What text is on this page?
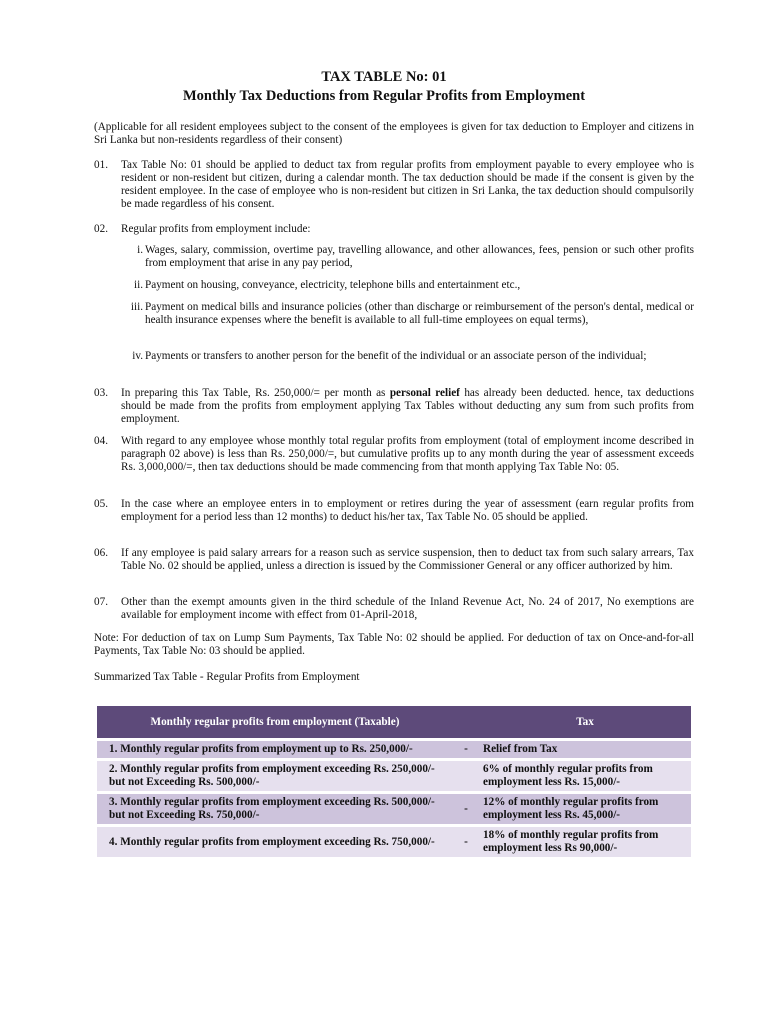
TAX TABLE No: 01
Monthly Tax Deductions from Regular Profits from Employment
(Applicable for all resident employees subject to the consent of the employees is given for tax deduction to Employer and citizens in Sri Lanka but non-residents regardless of their consent)
01. Tax Table No: 01 should be applied to deduct tax from regular profits from employment payable to every employee who is resident or non-resident but citizen, during a calendar month. The tax deduction should be made if the consent is given by the resident employee. In the case of employee who is non-resident but citizen in Sri Lanka, the tax deduction should compulsorily be made regardless of his consent.
02. Regular profits from employment include:
i. Wages, salary, commission, overtime pay, travelling allowance, and other allowances, fees, pension or such other profits from employment that arise in any pay period,
ii. Payment on housing, conveyance, electricity, telephone bills and entertainment etc.,
iii. Payment on medical bills and insurance policies (other than discharge or reimbursement of the person's dental, medical or health insurance expenses where the benefit is available to all full-time employees on equal terms),
iv. Payments or transfers to another person for the benefit of the individual or an associate person of the individual;
03. In preparing this Tax Table, Rs. 250,000/= per month as personal relief has already been deducted. hence, tax deductions should be made from the profits from employment applying Tax Tables without deducting any sum from such profits from employment.
04. With regard to any employee whose monthly total regular profits from employment (total of employment income described in paragraph 02 above) is less than Rs. 250,000/=, but cumulative profits up to any month during the year of assessment exceeds Rs. 3,000,000/=, then tax deductions should be made commencing from that month applying Tax Table No: 05.
05. In the case where an employee enters in to employment or retires during the year of assessment (earn regular profits from employment for a period less than 12 months) to deduct his/her tax, Tax Table No. 05 should be applied.
06. If any employee is paid salary arrears for a reason such as service suspension, then to deduct tax from such salary arrears, Tax Table No. 02 should be applied, unless a direction is issued by the Commissioner General or any officer authorized by him.
07. Other than the exempt amounts given in the third schedule of the Inland Revenue Act, No. 24 of 2017, No exemptions are available for employment income with effect from 01-April-2018,
Note: For deduction of tax on Lump Sum Payments, Tax Table No: 02 should be applied. For deduction of tax on Once-and-for-all Payments, Tax Table No: 03 should be applied.
Summarized Tax Table - Regular Profits from Employment
Monthly regular profits from employment (Taxable)		Tax
1. Monthly regular profits from employment up to Rs. 250,000/-	-	Relief from Tax
2. Monthly regular profits from employment exceeding Rs. 250,000/- but not Exceeding Rs. 500,000/-		6% of monthly regular profits from employment less Rs. 15,000/-
3. Monthly regular profits from employment exceeding Rs. 500,000/- but not Exceeding Rs. 750,000/-	-	12% of monthly regular profits from employment less Rs. 45,000/-
4. Monthly regular profits from employment exceeding Rs. 750,000/-	-	18% of monthly regular profits from employment less Rs 90,000/-
